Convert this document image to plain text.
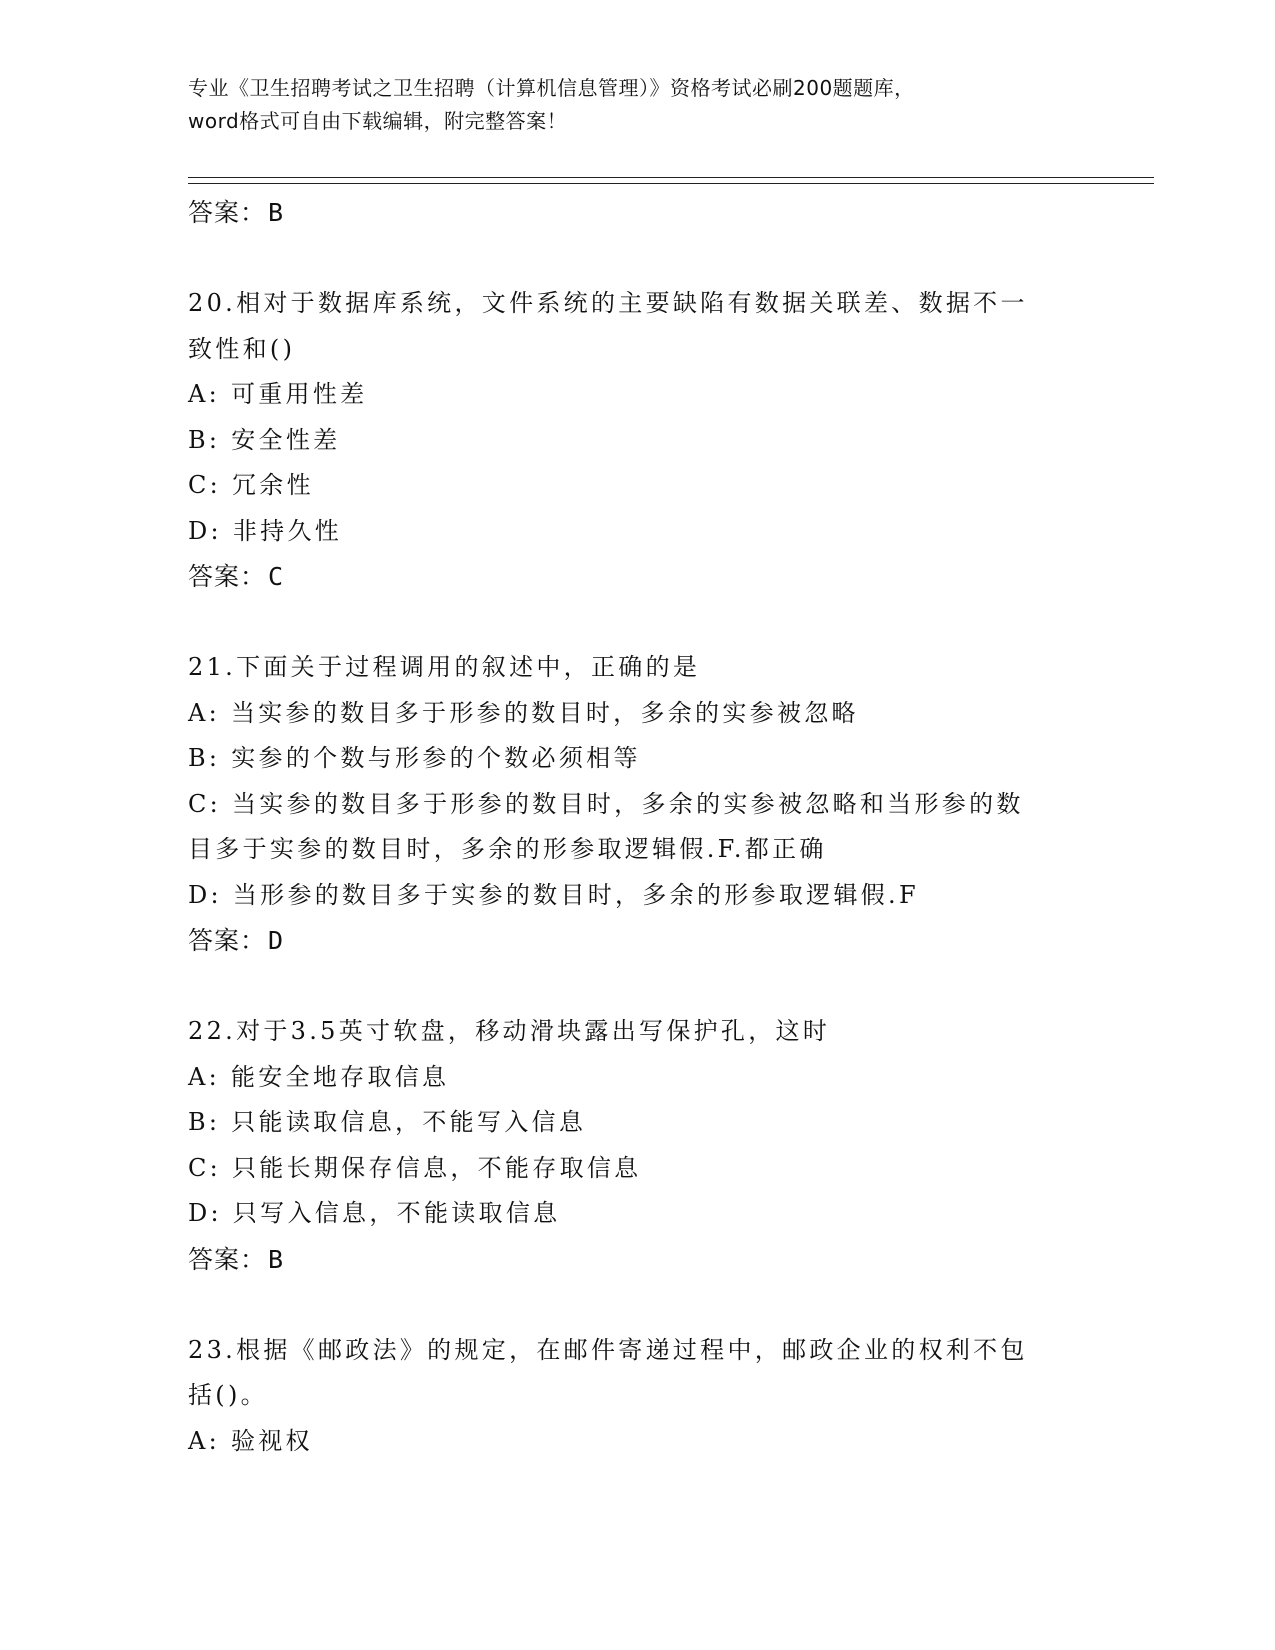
专业《卫生招聘考试之卫生招聘（计算机信息管理）》资格考试必刷200题题库，
word格式可自由下载编辑，附完整答案！
答案：B
20.相对于数据库系统，文件系统的主要缺陷有数据关联差、数据不一
致性和()
A: 可重用性差
B: 安全性差
C: 冗余性
D: 非持久性
答案：C
21.下面关于过程调用的叙述中，正确的是
A: 当实参的数目多于形参的数目时，多余的实参被忽略
B: 实参的个数与形参的个数必须相等
C: 当实参的数目多于形参的数目时，多余的实参被忽略和当形参的数
目多于实参的数目时，多余的形参取逻辑假.F.都正确
D: 当形参的数目多于实参的数目时，多余的形参取逻辑假.F
答案：D
22.对于3.5英寸软盘，移动滑块露出写保护孔，这时
A: 能安全地存取信息
B: 只能读取信息，不能写入信息
C: 只能长期保存信息，不能存取信息
D: 只写入信息，不能读取信息
答案：B
23.根据《邮政法》的规定，在邮件寄递过程中，邮政企业的权利不包
括()。
A: 验视权
